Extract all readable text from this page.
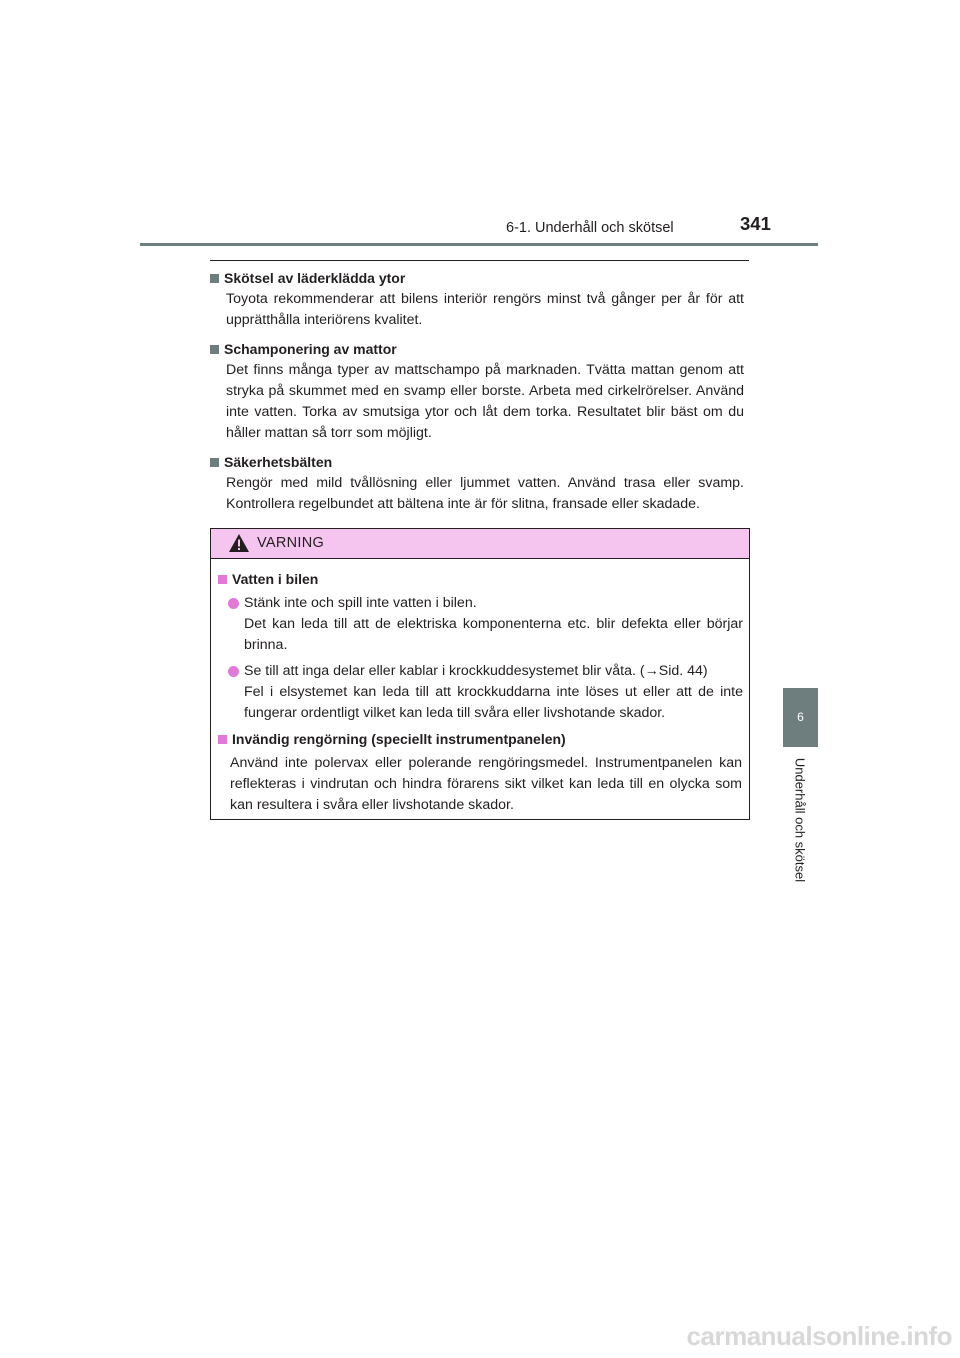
6-1. Underhåll och skötsel	341
6
Underhåll och skötsel
Skötsel av läderklädda ytor
Toyota rekommenderar att bilens interiör rengörs minst två gånger per år för att upprätthålla interiörens kvalitet.
Schamponering av mattor
Det finns många typer av mattschampo på marknaden. Tvätta mattan genom att stryka på skummet med en svamp eller borste. Arbeta med cirkelrörelser. Använd inte vatten. Torka av smutsiga ytor och låt dem torka. Resultatet blir bäst om du håller mattan så torr som möjligt.
Säkerhetsbälten
Rengör med mild tvållösning eller ljummet vatten. Använd trasa eller svamp. Kontrollera regelbundet att bältena inte är för slitna, fransade eller skadade.
VARNING
Vatten i bilen
Stänk inte och spill inte vatten i bilen.
Det kan leda till att de elektriska komponenterna etc. blir defekta eller börjar brinna.
Se till att inga delar eller kablar i krockkuddesystemet blir våta. (→Sid. 44)
Fel i elsystemet kan leda till att krockkuddarna inte löses ut eller att de inte fungerar ordentligt vilket kan leda till svåra eller livshotande skador.
Invändig rengörning (speciellt instrumentpanelen)
Använd inte polervax eller polerande rengöringsmedel. Instrumentpanelen kan reflekteras i vindrutan och hindra förarens sikt vilket kan leda till en olycka som kan resultera i svåra eller livshotande skador.
carmanualsonline.info
